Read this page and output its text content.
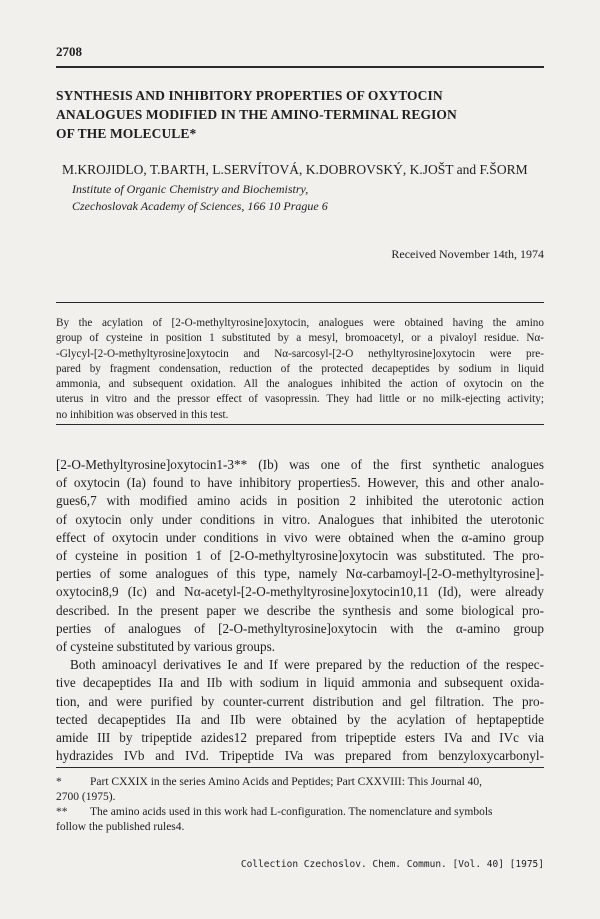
2708
SYNTHESIS AND INHIBITORY PROPERTIES OF OXYTOCIN
ANALOGUES MODIFIED IN THE AMINO-TERMINAL REGION
OF THE MOLECULE*
M.KROJIDLO, T.BARTH, L.SERVÍTOVÁ, K.DOBROVSKÝ, K.JOŠT and F.ŠORM
Institute of Organic Chemistry and Biochemistry,
Czechoslovak Academy of Sciences, 166 10 Prague 6
Received November 14th, 1974
By the acylation of [2-O-methyltyrosine]oxytocin, analogues were obtained having the amino
group of cysteine in position 1 substituted by a mesyl, bromoacetyl, or a pivaloyl residue. Nα-
-Glycyl-[2-O-methyltyrosine]oxytocin and Nα-sarcosyl-[2-O nethyltyrosine]oxytocin were pre-
pared by fragment condensation, reduction of the protected decapeptides by sodium in liquid
ammonia, and subsequent oxidation. All the analogues inhibited the action of oxytocin on the
uterus in vitro and the pressor effect of vasopressin. They had little or no milk-ejecting activity;
no inhibition was observed in this test.
[2-O-Methyltyrosine]oxytocin1-3** (Ib) was one of the first synthetic analogues
of oxytocin (Ia) found to have inhibitory properties5. However, this and other analo-
gues6,7 with modified amino acids in position 2 inhibited the uterotonic action
of oxytocin only under conditions in vitro. Analogues that inhibited the uterotonic
effect of oxytocin under conditions in vivo were obtained when the α-amino group
of cysteine in position 1 of [2-O-methyltyrosine]oxytocin was substituted. The pro-
perties of some analogues of this type, namely Nα-carbamoyl-[2-O-methyltyrosine]-
oxytocin8,9 (Ic) and Nα-acetyl-[2-O-methyltyrosine]oxytocin10,11 (Id), were already
described. In the present paper we describe the synthesis and some biological pro-
perties of analogues of [2-O-methyltyrosine]oxytocin with the α-amino group
of cysteine substituted by various groups.
Both aminoacyl derivatives Ie and If were prepared by the reduction of the respec-
tive decapeptides IIa and IIb with sodium in liquid ammonia and subsequent oxida-
tion, and were purified by counter-current distribution and gel filtration. The pro-
tected decapeptides IIa and IIb were obtained by the acylation of heptapeptide
amide III by tripeptide azides12 prepared from tripeptide esters IVa and IVc via
hydrazides IVb and IVd. Tripeptide IVa was prepared from benzyloxycarbonyl-
* Part CXXIX in the series Amino Acids and Peptides; Part CXXVIII: This Journal 40,
2700 (1975).
** The amino acids used in this work had L-configuration. The nomenclature and symbols
follow the published rules4.
Collection Czechoslov. Chem. Commun. [Vol. 40] [1975]
